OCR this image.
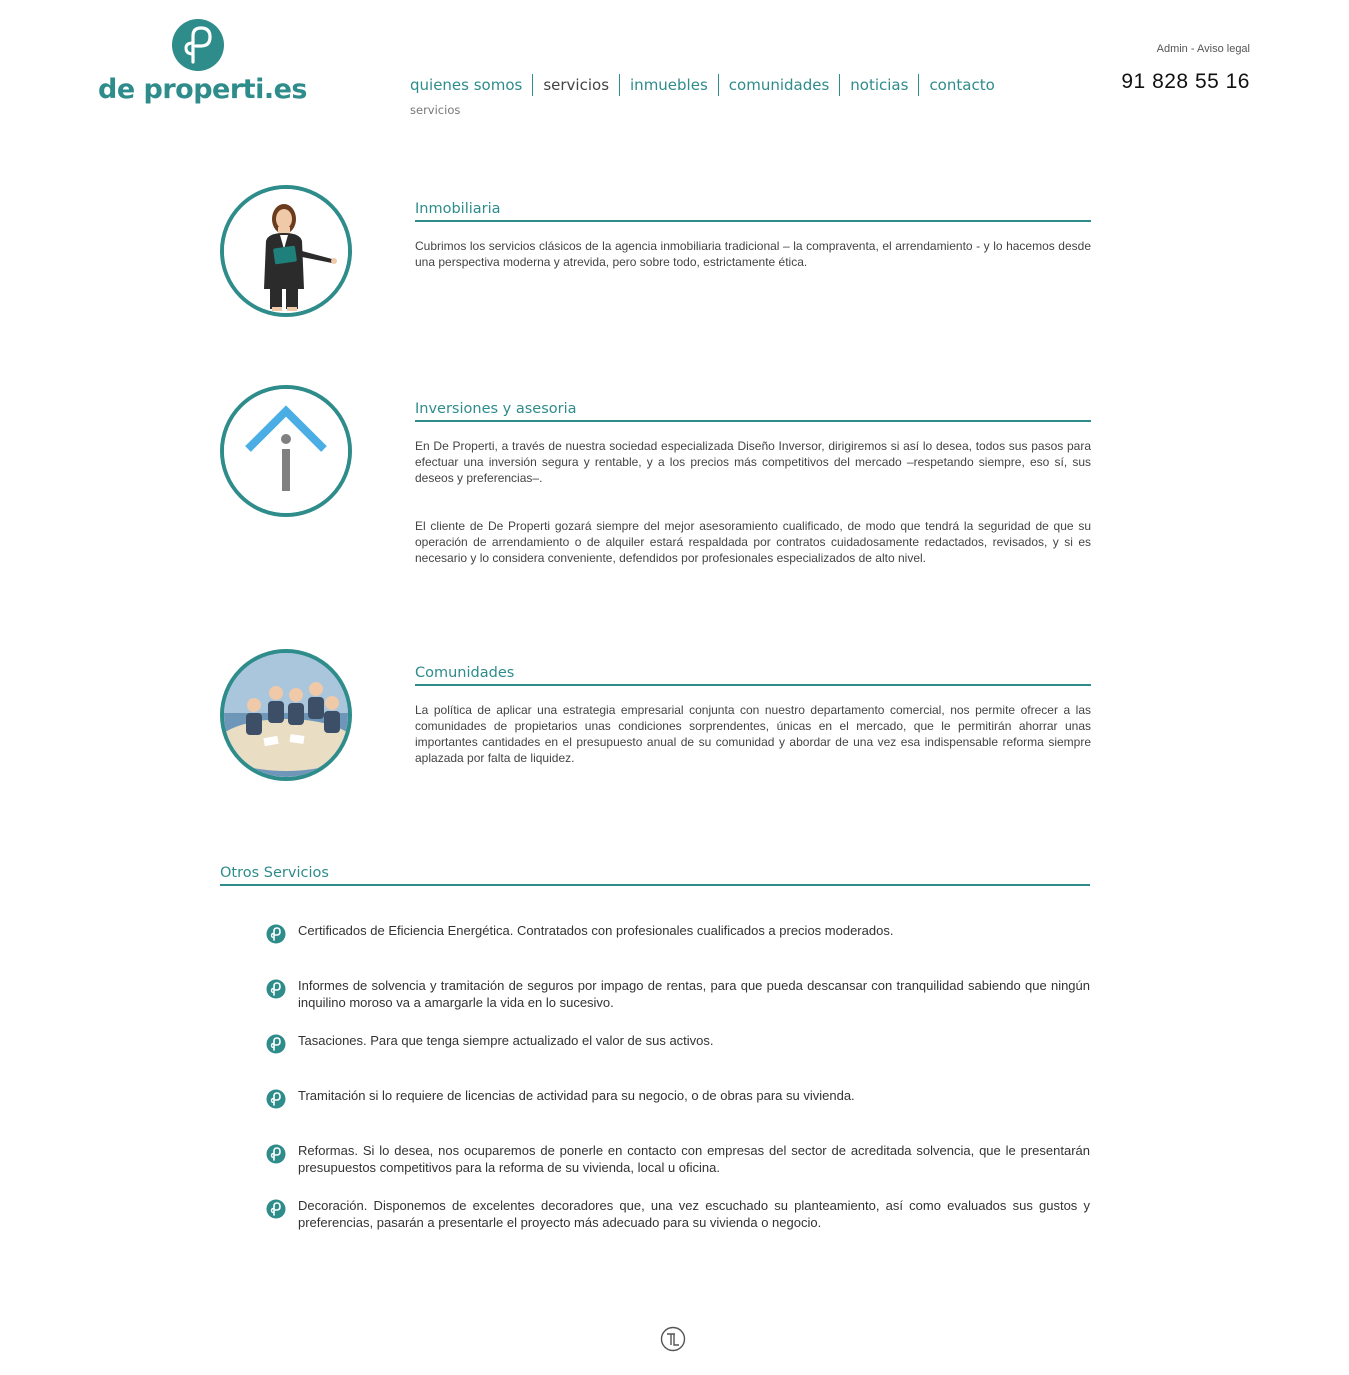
de properti.es	quienes somos	servicios	inmuebles	comunidades	noticias	contacto
servicios
Admin - Aviso legal
91 828 55 16
Inmobiliaria

Cubrimos los servicios clásicos de la agencia inmobiliaria tradicional – la compraventa, el arrendamiento - y lo hacemos desde una perspectiva moderna y atrevida, pero sobre todo, estrictamente ética.

Inversiones y asesoria

En De Properti, a través de nuestra sociedad especializada Diseño Inversor, dirigiremos si así lo desea, todos sus pasos para efectuar una inversión segura y rentable, y a los precios más competitivos del mercado –respetando siempre, eso sí, sus deseos y preferencias–.

El cliente de De Properti gozará siempre del mejor asesoramiento cualificado, de modo que tendrá la seguridad de que su operación de arrendamiento o de alquiler estará respaldada por contratos cuidadosamente redactados, revisados, y si es necesario y lo considera conveniente, defendidos por profesionales especializados de alto nivel.

Comunidades

La política de aplicar una estrategia empresarial conjunta con nuestro departamento comercial, nos permite ofrecer a las comunidades de propietarios unas condiciones sorprendentes, únicas en el mercado, que le permitirán ahorrar unas importantes cantidades en el presupuesto anual de su comunidad y abordar de una vez esa indispensable reforma siempre aplazada por falta de liquidez.

Otros Servicios
Certificados de Eficiencia Energética. Contratados con profesionales cualificados a precios moderados.
Informes de solvencia y tramitación de seguros por impago de rentas, para que pueda descansar con tranquilidad sabiendo que ningún inquilino moroso va a amargarle la vida en lo sucesivo.
Tasaciones. Para que tenga siempre actualizado el valor de sus activos.
Tramitación si lo requiere de licencias de actividad para su negocio, o de obras para su vivienda.
Reformas. Si lo desea, nos ocuparemos de ponerle en contacto con empresas del sector de acreditada solvencia, que le presentarán presupuestos competitivos para la reforma de su vivienda, local u oficina.
Decoración. Disponemos de excelentes decoradores que, una vez escuchado su planteamiento, así como evaluados sus gustos y preferencias, pasarán a presentarle el proyecto más adecuado para su vivienda o negocio.
